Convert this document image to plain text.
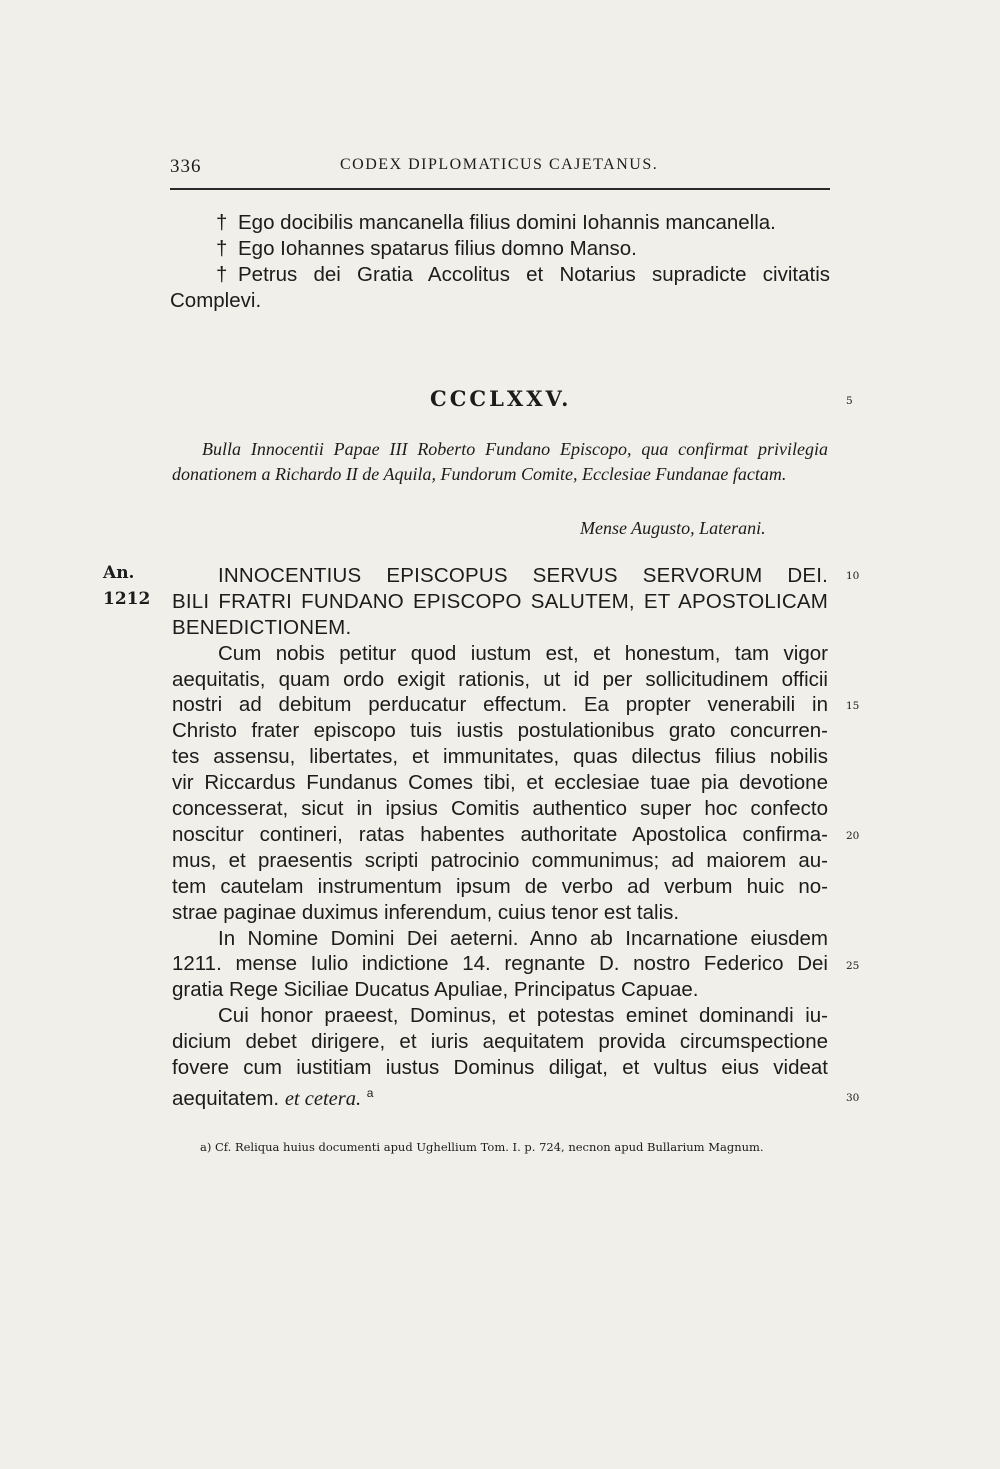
336	CODEX DIPLOMATICUS CAJETANUS.
† Ego docibilis mancanella filius domini Iohannis mancanella.
† Ego Iohannes spatarus filius domno Manso.
† Petrus dei Gratia Accolitus et Notarius supradicte civitatis
Complevi.
CCCLXXV.
Bulla Innocentii Papae III Roberto Fundano Episcopo, qua confirmat privilegia donationem a Richardo II de Aquila, Fundorum Comite, Ecclesiae Fundanae factam.
Mense Augusto, Laterani.
An.
1212
INNOCENTIUS EPISCOPUS SERVUS SERVORUM DEI.
BILI FRATRI FUNDANO EPISCOPO SALUTEM, ET APOSTOLICAM
BENEDICTIONEM.
Cum nobis petitur quod iustum est, et honestum, tam vigor
aequitatis, quam ordo exigit rationis, ut id per sollicitudinem officii
nostri ad debitum perducatur effectum. Ea propter venerabili in
Christo frater episcopo tuis iustis postulationibus grato concurren-
tes assensu, libertates, et immunitates, quas dilectus filius nobilis
vir Riccardus Fundanus Comes tibi, et ecclesiae tuae pia devotione
concesserat, sicut in ipsius Comitis authentico super hoc confecto
noscitur contineri, ratas habentes authoritate Apostolica confirma-
mus, et praesentis scripti patrocinio communimus; ad maiorem au-
tem cautelam instrumentum ipsum de verbo ad verbum huic no-
strae paginae duximus inferendum, cuius tenor est talis.
In Nomine Domini Dei aeterni. Anno ab Incarnatione eiusdem
1211. mense Iulio indictione 14. regnante D. nostro Federico Dei
gratia Rege Siciliae Ducatus Apuliae, Principatus Capuae.
Cui honor praeest, Dominus, et potestas eminet dominandi iu-
dicium debet dirigere, et iuris aequitatem provida circumspectione
fovere cum iustitiam iustus Dominus diligat, et vultus eius videat
aequitatem. et cetera. $^a$
5
10
15
20
25
30
a) Cf. Reliqua huius documenti apud Ughellium Tom. I. p. 724, necnon apud Bullarium Magnum.
